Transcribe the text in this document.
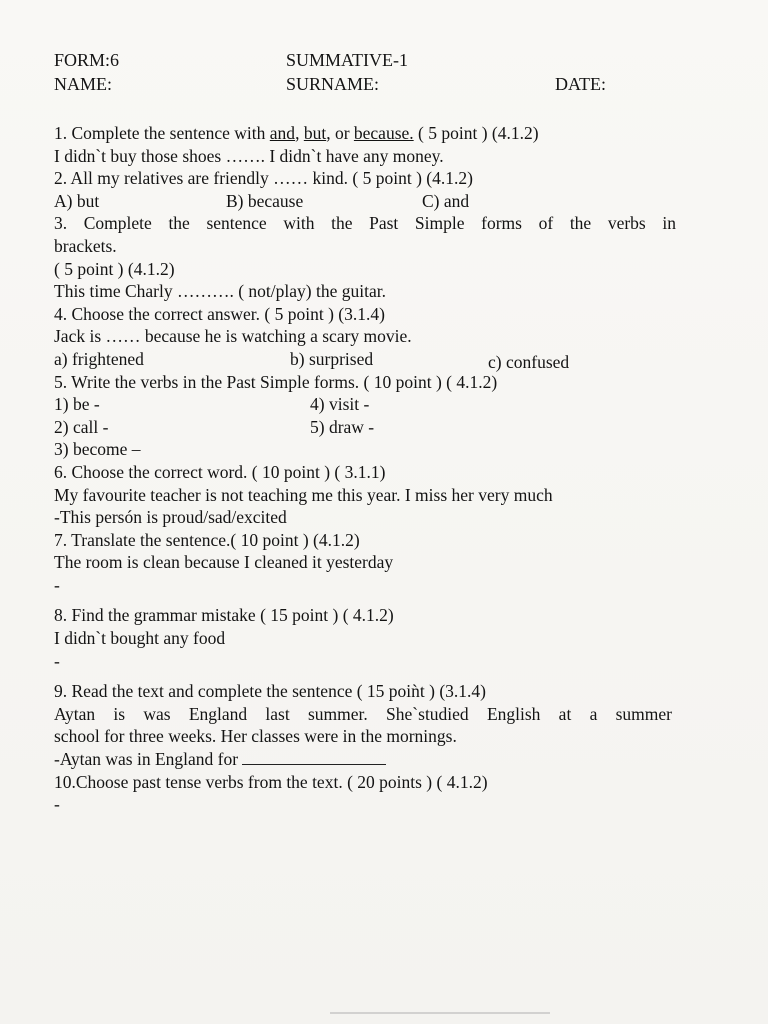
FORM:6	SUMMATIVE-1
NAME:	SURNAME:	DATE:
1. Complete the sentence with and, but, or because. ( 5 point ) (4.1.2)
I didn`t buy those shoes ……. I didn`t have any money.
2. All my relatives are friendly …… kind. ( 5 point ) (4.1.2)
A) but	B) because	C) and
3. Complete the sentence with the Past Simple forms of the verbs in
brackets.
( 5 point ) (4.1.2)
This time Charly ………. ( not/play) the guitar.
4. Choose the correct answer. ( 5 point ) (3.1.4)
Jack is …… because he is watching a scary movie.
a) frightened	b) surprised	c) confused
5. Write the verbs in the Past Simple forms. ( 10 point ) ( 4.1.2)
1) be -	4) visit -
2) call -	5) draw -
3) become –
6. Choose the correct word. ( 10 point ) ( 3.1.1)
My favourite teacher is not teaching me this year. I miss her very much
-This persón is proud/sad/excited
7. Translate the sentence.( 10 point ) (4.1.2)
The room is clean because I cleaned it yesterday
-
8. Find the grammar mistake ( 15 point ) ( 4.1.2)
I didn`t bought any food
-
9. Read the text and complete the sentence ( 15 poiǹt ) (3.1.4)
Aytan is was England last summer. She`studied English at a summer
school for three weeks. Her classes were in the mornings.
-Aytan was in England for
10.Choose past tense verbs from the text. ( 20 points ) ( 4.1.2)
-
